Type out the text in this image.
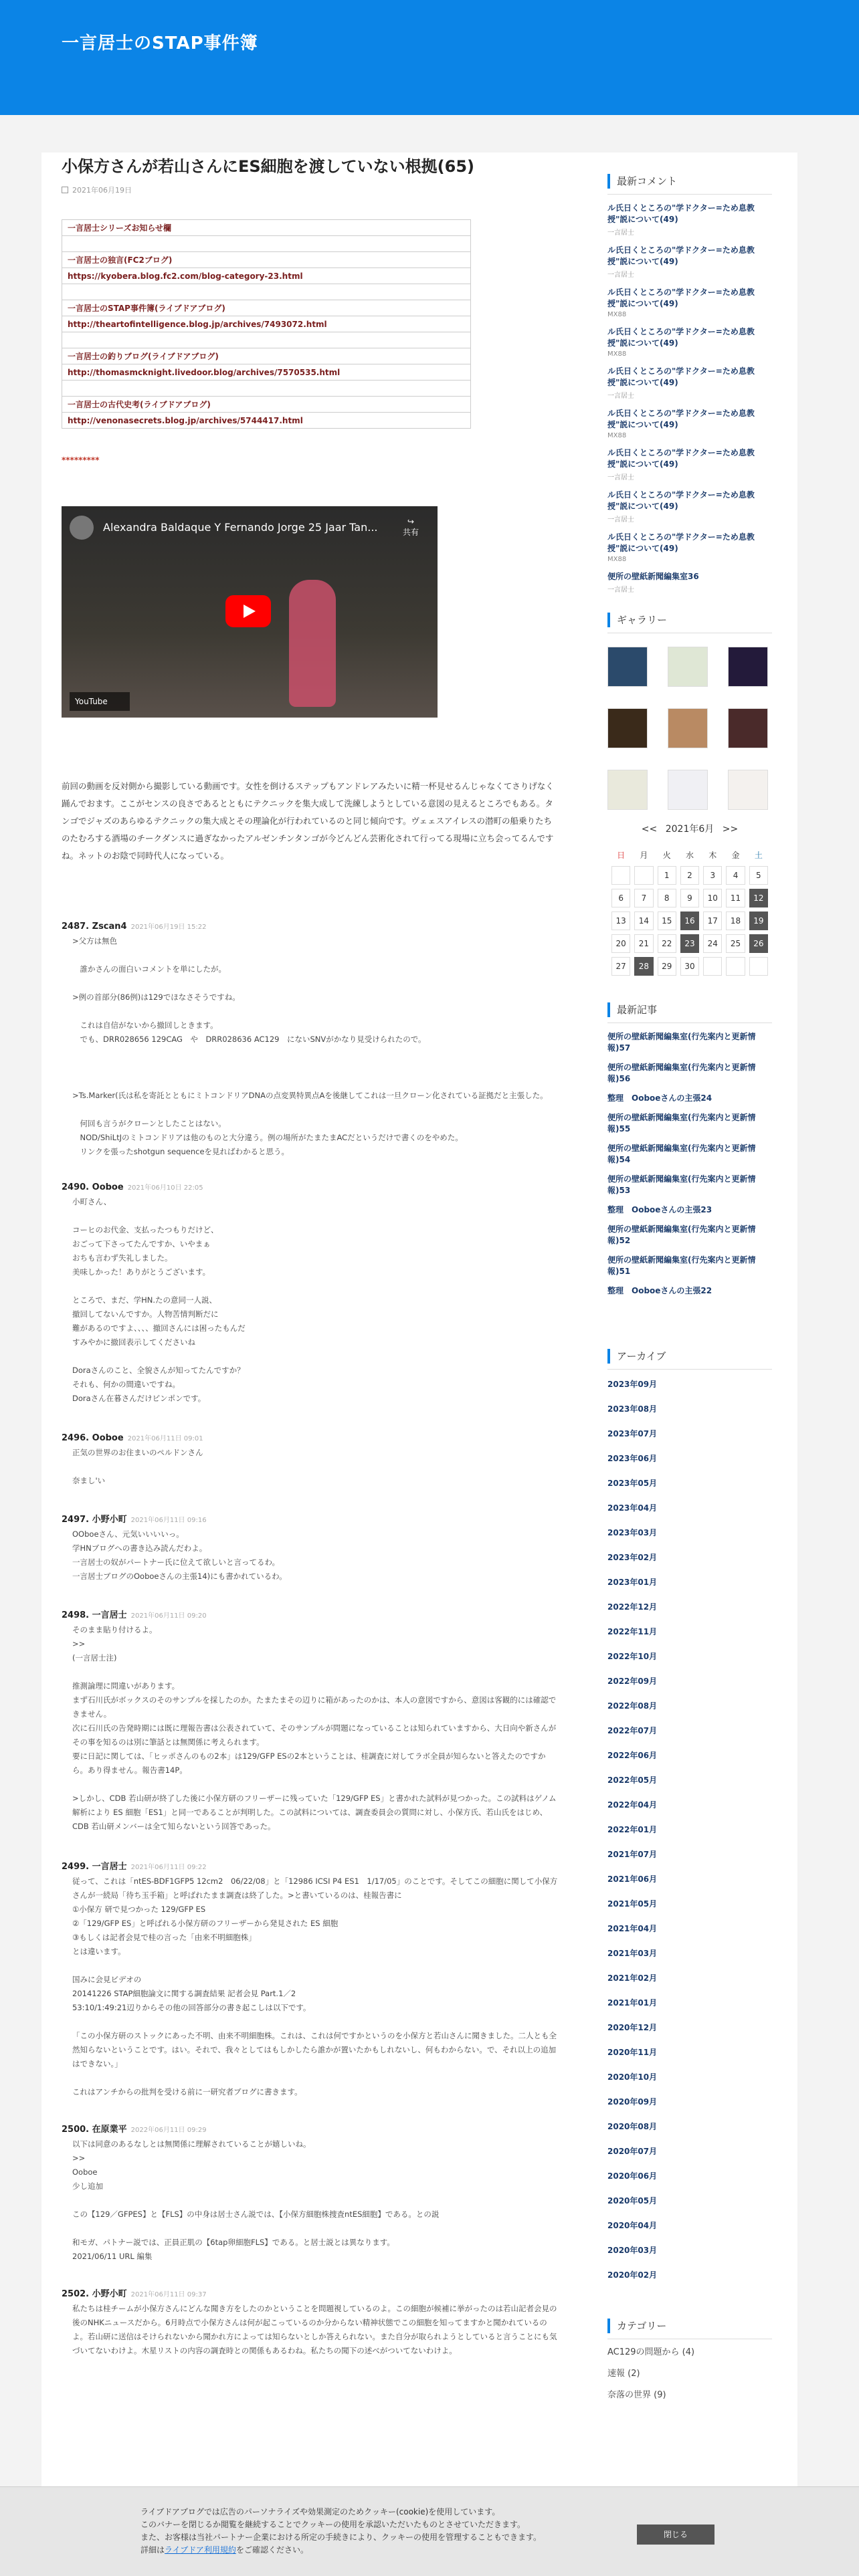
一言居士のSTAP事件簿
小保方さんが若山さんにES細胞を渡していない根拠(65)
2021年06月19日
一言居士シリーズお知らせ欄

一言居士の独言(FC2ブログ)
https://kyobera.blog.fc2.com/blog-category-23.html

一言居士のSTAP事件簿(ライブドアブログ)
http://theartofintelligence.blog.jp/archives/7493072.html

一言居士の釣りブログ(ライブドアブログ)
http://thomasmcknight.livedoor.blog/archives/7570535.html

一言居士の古代史考(ライブドアブログ)
http://venonasecrets.blog.jp/archives/5744417.html
*********
Alexandra Baldaque Y Fernando Jorge 25 Jaar Tan...	↪
共有
YouTube
前回の動画を反対側から撮影している動画です。女性を倒けるステップもアンドレアみたいに精一杯見せるんじゃなくてさりげなく踊んでおます。ここがセンスの良さであるとともにテクニックを集大成して洗練しようとしている意図の見えるところでもある。タンゴでジャズのあらゆるテクニックの集大成とその理論化が行われているのと同じ傾向です。ヴェェスアイレスの潜町の船乗りたちのたむろする酒場のチークダンスに過ぎなかったアルゼンチンタンゴが今どんどん芸術化されて行ってる現場に立ち会ってるんですね。ネットのお陰で同時代人になっている。
2487. Zscan4 2021年06月19日 15:22
>父方は無色

　誰かさんの面白いコメントを単にしたが。

>例の首部分(86例)は129でほなさそうですね。

　これは自信がないから撤回しときます。
　でも、DRR028656 129CAG　や　DRR028636 AC129　にないSNVがかなり見受けられたので。

>Ts.Marker(氏は私を寄託とともにミトコンドリアDNAの点変異特異点Aを後継してこれは一旦クローン化されている証拠だと主張した。

　何回も言うがクローンとしたことはない。
　NOD/ShiLtJのミトコンドリアは他のものと大分違う。例の場所がたまたまACだというだけで書くのをやめた。
　リンクを張ったshotgun sequenceを見ればわかると思う。
2490. Ooboe 2021年06月10日 22:05
小町さん、

コーヒのお代金、支払ったつもりだけど、
おごって下さってたんですか、いやまぁ
おちも言わず失礼しました。
美味しかった！ありがとうございます。

ところで、まだ、学HN.たの意同一人説、
撤回してないんですか。人物苦情判断だに
難があるのですよ、、、、撤回さんには困ったもんだ
すみやかに撤回表示してくださいね

Doraさんのこと、全貌さんが知ってたんですか？
それも、何かの間違いですね。
Doraさん在暮さんだけピンポンです。
2496. Ooboe 2021年06月11日 09:01
正気の世界のお住まいのペルドンさん

奈まし'い
2497. 小野小町 2021年06月11日 09:16
OOboeさん、元気いいいいっ。
学HNブログへの書き込み読んだわよ。
一言居士の奴がパートナー氏に位えて欲しいと言ってるわ。
一言居士ブログのOoboeさんの主張14)にも書かれているわ。
2498. 一言居士 2021年06月11日 09:20
そのまま貼り付けるよ。
>>
(一言居士注)

推測論理に問違いがあります。
まず石川氏がボックスのそのサンプルを採したのか。たまたまその辺りに箱があったのかは、本人の意図ですから、意図は客観的には確認できません。
次に石川氏の告発時期には既に理報告書は公表されていて、そのサンプルが問題になっていることは知られていますから、大日向や新さんがその事を知るのは別に筆話とは無関係に考えられます。
要に日記に関しては、「ヒッポさんのもの2本」は129/GFP ESの2本ということは、桂調査に対してラボ全員が知らないと答えたのですから。あり得ません。報告書14P。

>しかし、CDB 若山研が終了した後に小保方研のフリーザーに残っていた「129/GFP ES」と書かれた試料が見つかった。この試料はゲノム解析により ES 細胞「ES1」と同一であることが判明した。この試料については、調査委員会の質問に対し、小保方氏、若山氏をはじめ、CDB 若山研メンバーは全て知らないという回答であった。
2499. 一言居士 2021年06月11日 09:22
従って、これは「ntES-BDF1GFP5 12cm2　06/22/08」と「12986 ICSI P4 ES1　1/17/05」のことです。そしてこの細胞に関して小保方さんが一続局「待ち玉手箱」と呼ばれたまま調査は終了した。>と書いているのは、桂報告書に
①小保方 研で見つかった 129/GFP ES
②「129/GFP ES」と呼ばれる小保方研のフリーザーから発見された ES 細胞
③もしくは記者会見で桂の言った「由来不明細胞株」
とは違います。

国みに会見ビデオの
20141226 STAP細胞論文に関する調査結果 記者会見 Part.1／2
53:10/1:49:21辺りからその他の回答部分の書き起こしは以下です。

「この小保方研のストックにあった不明、由来不明細胞株。これは、これは何ですかというのを小保方と若山さんに聞きました。二人とも全然知らないということです。はい。それで、我々としてはもしかしたら誰かが置いたかもしれないし、何もわからない。で、それ以上の追加はできない。」

これはアンチからの批判を受ける前に一研究者ブログに書きます。
2500. 在原業平 2022年06月11日 09:29
以下は同意のあるなしとは無関係に理解されていることが嬉しいね。
>>
Ooboe
少し追加

この【129／GFPES】と【FLS】の中身は居士さん説では、【小保方細胞株捜査ntES細胞】である。との説

和モガ、パトナー説では、正員正肌の【6tap卵細胞FLS】である。と居士説とは異なります。
2021/06/11 URL 編集
2502. 小野小町 2021年06月11日 09:37
私たちは桂チームが小保方さんにどんな聞き方をしたのかということを問題視しているのよ。この細胞が候補に挙がったのは若山記者会見の後のNHKニュースだから。6月時点で小保方さんは何が起こっているのか分からない精神状態でこの細胞を知ってますかと聞かれているのよ。若山研に送信はそけられないから聞かれ方によっては知らないとしか答えられない。また自分が取られようとしていると言うことにも気づいてないわけよ。木星リストの内容の調査時との関係もあるわね。私たちの聞下の述べがついてないわけよ。
最新コメント
ル氏日くところの"学ドクター=ため息教授"説について(49)
一言居士
ル氏日くところの"学ドクター=ため息教授"説について(49)
一言居士
ル氏日くところの"学ドクター=ため息教授"説について(49)
MX88
ル氏日くところの"学ドクター=ため息教授"説について(49)
MX88
ル氏日くところの"学ドクター=ため息教授"説について(49)
一言居士
ル氏日くところの"学ドクター=ため息教授"説について(49)
MX88
ル氏日くところの"学ドクター=ため息教授"説について(49)
一言居士
ル氏日くところの"学ドクター=ため息教授"説について(49)
一言居士
ル氏日くところの"学ドクター=ため息教授"説について(49)
MX88
便所の壁紙新聞編集室36
一言居士
ギャラリー
<< 2021年6月 >>
日	月	火	水	木	金	土
		1	2	3	4	5
6	7	8	9	10	11	12
13	14	15	16	17	18	19
20	21	22	23	24	25	26
27	28	29	30			
最新記事
便所の壁紙新聞編集室(行先案内と更新情報)57
便所の壁紙新聞編集室(行先案内と更新情報)56
整理　Ooboeさんの主張24
便所の壁紙新聞編集室(行先案内と更新情報)55
便所の壁紙新聞編集室(行先案内と更新情報)54
便所の壁紙新聞編集室(行先案内と更新情報)53
整理　Ooboeさんの主張23
便所の壁紙新聞編集室(行先案内と更新情報)52
便所の壁紙新聞編集室(行先案内と更新情報)51
整理　Ooboeさんの主張22
アーカイブ
2023年09月
2023年08月
2023年07月
2023年06月
2023年05月
2023年04月
2023年03月
2023年02月
2023年01月
2022年12月
2022年11月
2022年10月
2022年09月
2022年08月
2022年07月
2022年06月
2022年05月
2022年04月
2022年01月
2021年07月
2021年06月
2021年05月
2021年04月
2021年03月
2021年02月
2021年01月
2020年12月
2020年11月
2020年10月
2020年09月
2020年08月
2020年07月
2020年06月
2020年05月
2020年04月
2020年03月
2020年02月
カテゴリー
AC129の問題から (4)
速報 (2)
奈落の世界 (9)
ライブドアブログでは広告のパーソナライズや効果測定のためクッキー(cookie)を使用しています。
このバナーを閉じるか閲覧を継続することでクッキーの使用を承認いただいたものとさせていただきます。
また、お客様は当社パートナー企業における所定の手続きにより、クッキーの使用を管理することもできます。
詳細はライブドア利用規約をご確認ください。
閉じる
